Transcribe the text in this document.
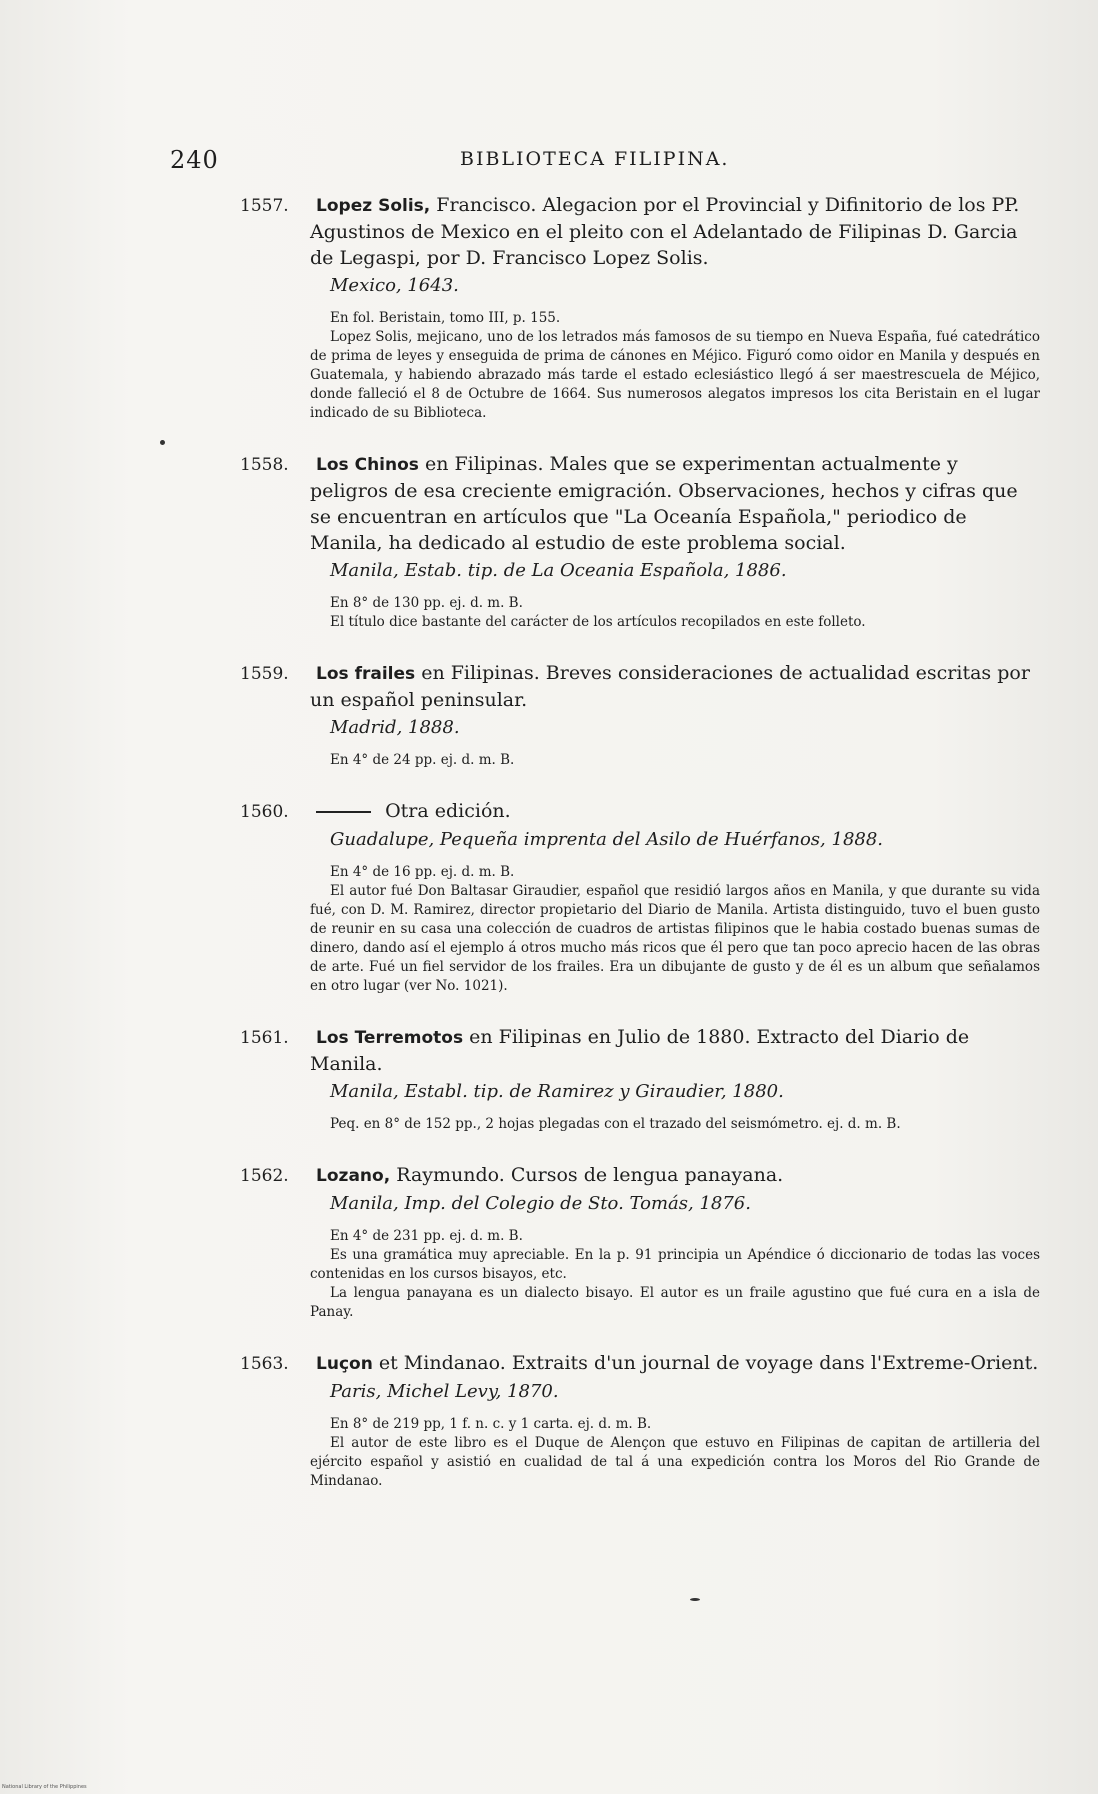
240	BIBLIOTECA FILIPINA.
1557. Lopez Solis, Francisco. Alegacion por el Provincial y Difinitorio de los PP. Agustinos de Mexico en el pleito con el Adelantado de Filipinas D. Garcia de Legaspi, por D. Francisco Lopez Solis.
Mexico, 1643.
En fol. Beristain, tomo III, p. 155.

Lopez Solis, mejicano, uno de los letrados más famosos de su tiempo en Nueva España, fué catedrático de prima de leyes y enseguida de prima de cánones en Méjico. Figuró como oidor en Manila y después en Guatemala, y habiendo abrazado más tarde el estado eclesiástico llegó á ser maestrescuela de Méjico, donde falleció el 8 de Octubre de 1664. Sus numerosos alegatos impresos los cita Beristain en el lugar indicado de su Biblioteca.

1558. Los Chinos en Filipinas. Males que se experimentan actualmente y peligros de esa creciente emigración. Observaciones, hechos y cifras que se encuentran en artículos que "La Oceanía Española," periodico de Manila, ha dedicado al estudio de este problema social.
Manila, Estab. tip. de La Oceania Española, 1886.
En 8° de 130 pp. ej. d. m. B.

El título dice bastante del carácter de los artículos recopilados en este folleto.

1559. Los frailes en Filipinas. Breves consideraciones de actualidad escritas por un español peninsular.
Madrid, 1888.
En 4° de 24 pp. ej. d. m. B.
1560.	Otra edición.
Guadalupe, Pequeña imprenta del Asilo de Huérfanos, 1888.
En 4° de 16 pp. ej. d. m. B.

El autor fué Don Baltasar Giraudier, español que residió largos años en Manila, y que durante su vida fué, con D. M. Ramirez, director propietario del Diario de Manila. Artista distinguido, tuvo el buen gusto de reunir en su casa una colección de cuadros de artistas filipinos que le habia costado buenas sumas de dinero, dando así el ejemplo á otros mucho más ricos que él pero que tan poco aprecio hacen de las obras de arte. Fué un fiel servidor de los frailes. Era un dibujante de gusto y de él es un album que señalamos en otro lugar (ver No. 1021).

1561. Los Terremotos en Filipinas en Julio de 1880. Extracto del Diario de Manila.
Manila, Establ. tip. de Ramirez y Giraudier, 1880.
Peq. en 8° de 152 pp., 2 hojas plegadas con el trazado del seismómetro. ej. d. m. B.
1562. Lozano, Raymundo. Cursos de lengua panayana.
Manila, Imp. del Colegio de Sto. Tomás, 1876.
En 4° de 231 pp. ej. d. m. B.

Es una gramática muy apreciable. En la p. 91 principia un Apéndice ó diccionario de todas las voces contenidas en los cursos bisayos, etc.

La lengua panayana es un dialecto bisayo. El autor es un fraile agustino que fué cura en a isla de Panay.

1563. Luçon et Mindanao. Extraits d'un journal de voyage dans l'Extreme-Orient.
Paris, Michel Levy, 1870.
En 8° de 219 pp, 1 f. n. c. y 1 carta. ej. d. m. B.

El autor de este libro es el Duque de Alençon que estuvo en Filipinas de capitan de artilleria del ejército español y asistió en cualidad de tal á una expedición contra los Moros del Rio Grande de Mindanao.

National Library of the Philippines
